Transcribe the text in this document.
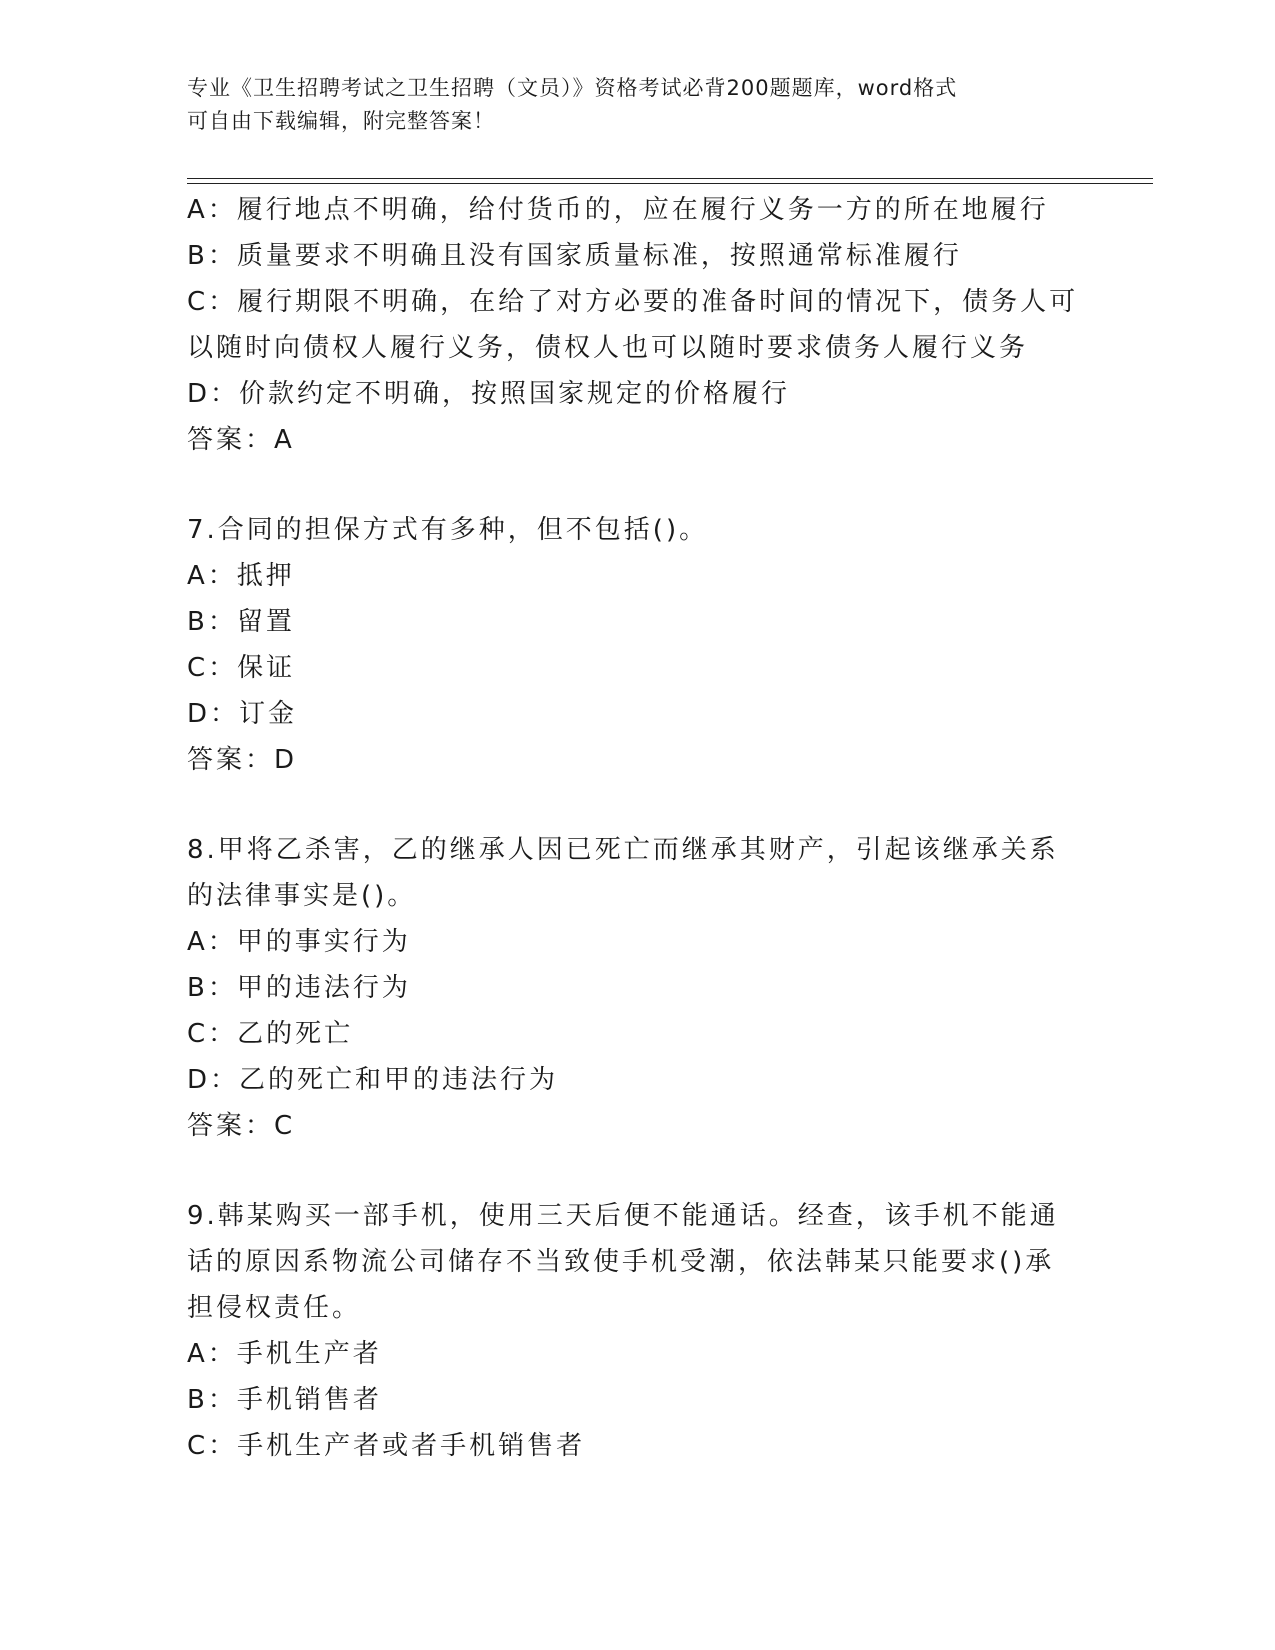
专业《卫生招聘考试之卫生招聘（文员）》资格考试必背200题题库，word格式
可自由下载编辑，附完整答案！
A：履行地点不明确，给付货币的，应在履行义务一方的所在地履行
B：质量要求不明确且没有国家质量标准，按照通常标准履行
C：履行期限不明确，在给了对方必要的准备时间的情况下，债务人可
以随时向债权人履行义务，债权人也可以随时要求债务人履行义务
D：价款约定不明确，按照国家规定的价格履行
答案：A
7.合同的担保方式有多种，但不包括()。
A：抵押
B：留置
C：保证
D：订金
答案：D
8.甲将乙杀害，乙的继承人因已死亡而继承其财产，引起该继承关系
的法律事实是()。
A：甲的事实行为
B：甲的违法行为
C：乙的死亡
D：乙的死亡和甲的违法行为
答案：C
9.韩某购买一部手机，使用三天后便不能通话。经查，该手机不能通
话的原因系物流公司储存不当致使手机受潮，依法韩某只能要求()承
担侵权责任。
A：手机生产者
B：手机销售者
C：手机生产者或者手机销售者
